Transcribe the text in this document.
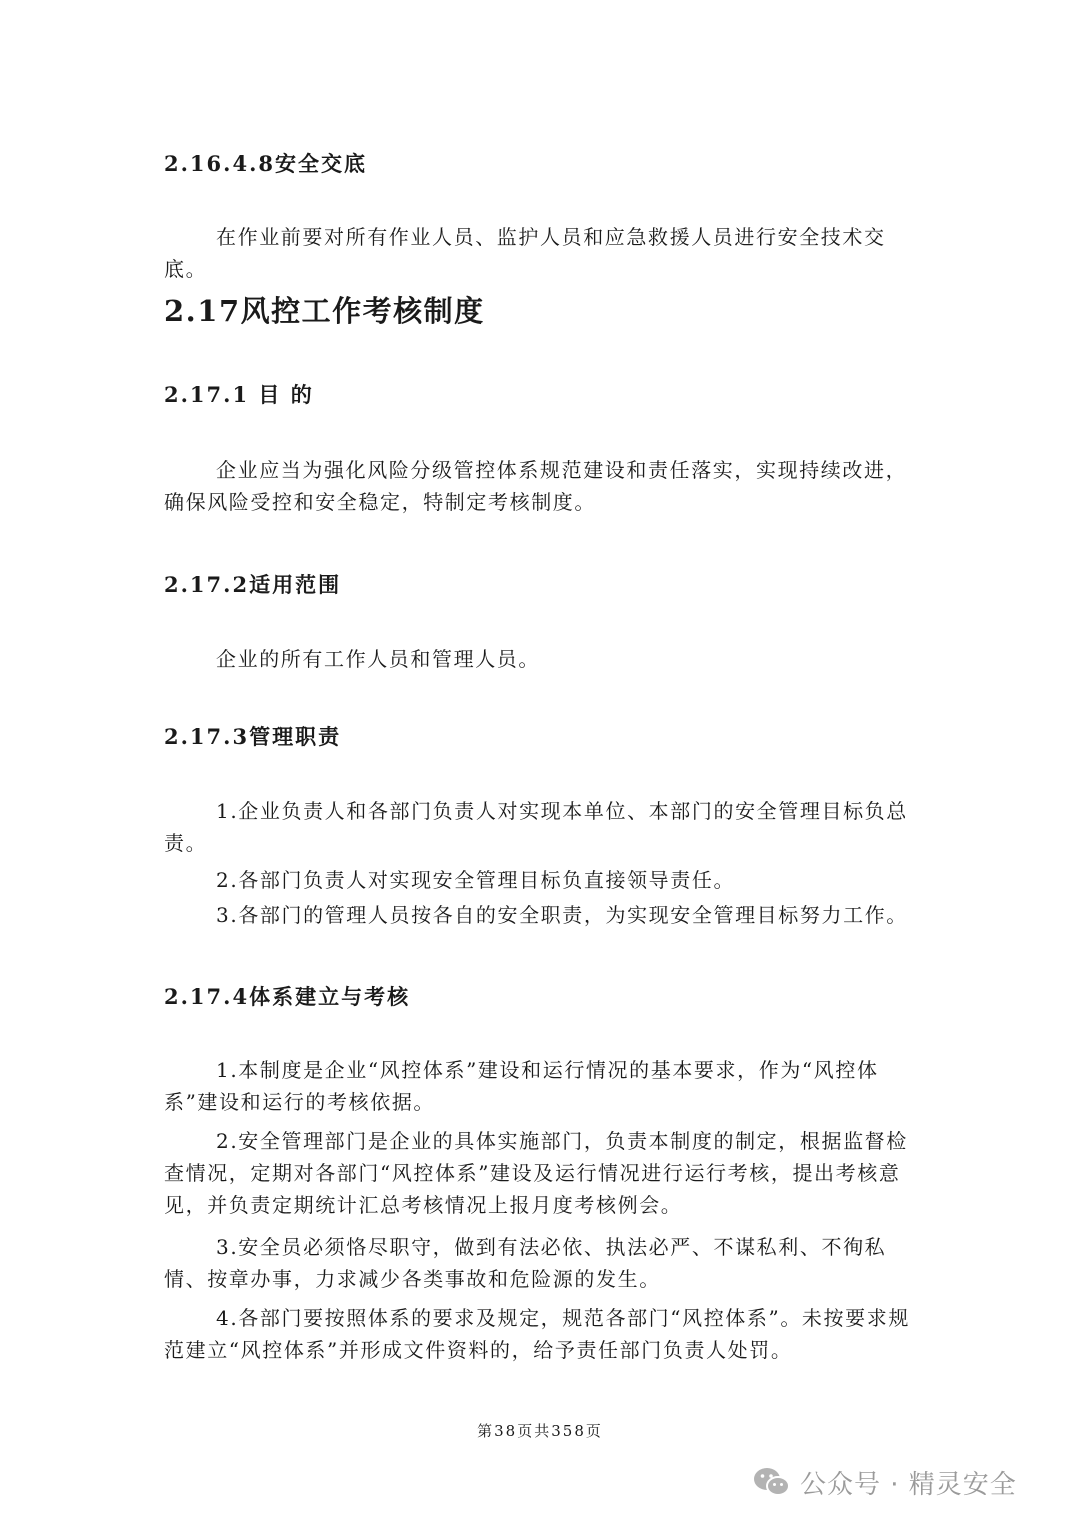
2.16.4.8安全交底
在作业前要对所有作业人员、监护人员和应急救援人员进行安全技术交底。
2.17风控工作考核制度
2.17.1 目 的
企业应当为强化风险分级管控体系规范建设和责任落实，实现持续改进，确保风险受控和安全稳定，特制定考核制度。
2.17.2适用范围
企业的所有工作人员和管理人员。
2.17.3管理职责
1.企业负责人和各部门负责人对实现本单位、本部门的安全管理目标负总责。
2.各部门负责人对实现安全管理目标负直接领导责任。
3.各部门的管理人员按各自的安全职责，为实现安全管理目标努力工作。
2.17.4体系建立与考核
1.本制度是企业“风控体系”建设和运行情况的基本要求，作为“风控体系”建设和运行的考核依据。
2.安全管理部门是企业的具体实施部门，负责本制度的制定，根据监督检查情况，定期对各部门“风控体系”建设及运行情况进行运行考核，提出考核意见，并负责定期统计汇总考核情况上报月度考核例会。
3.安全员必须恪尽职守，做到有法必依、执法必严、不谋私利、不徇私情、按章办事，力求减少各类事故和危险源的发生。
4.各部门要按照体系的要求及规定，规范各部门“风控体系”。未按要求规范建立“风控体系”并形成文件资料的，给予责任部门负责人处罚。
第38页共358页
公众号 · 精灵安全
